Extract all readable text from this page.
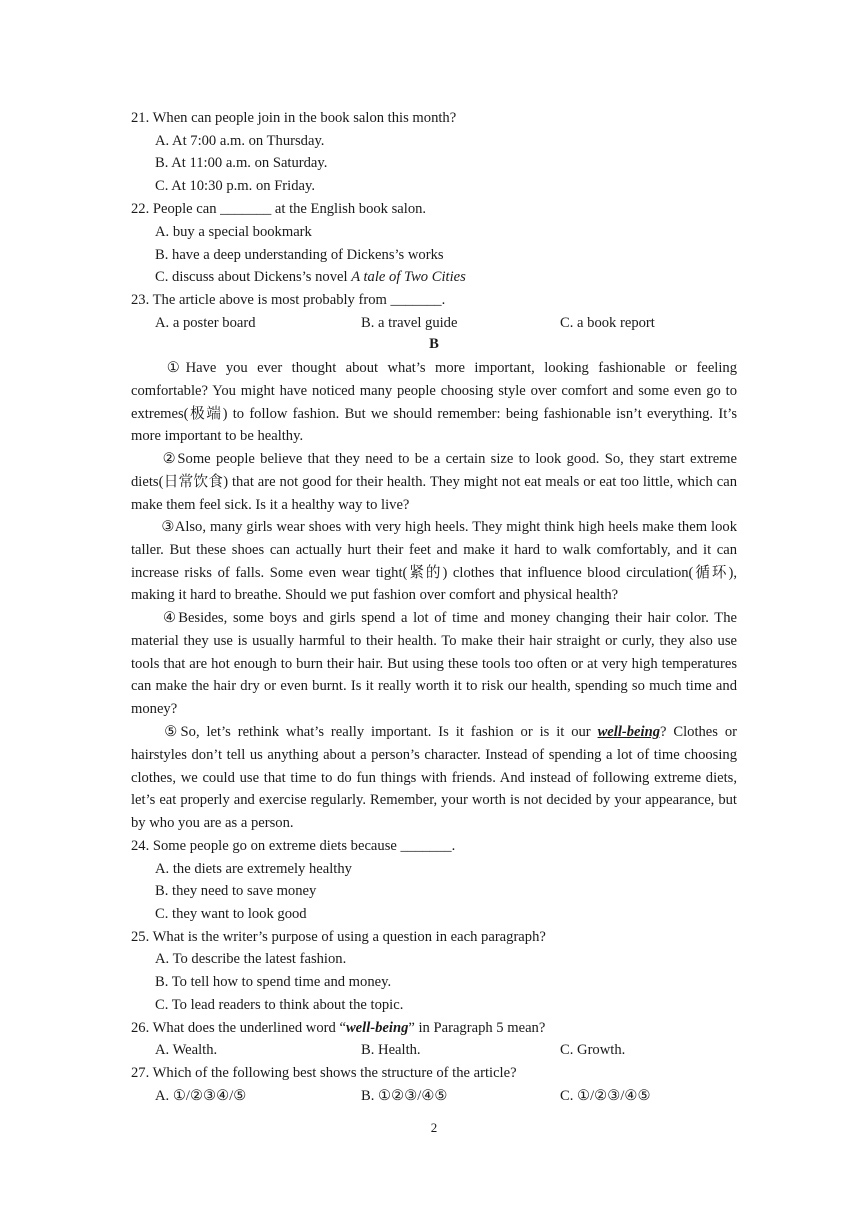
21. When can people join in the book salon this month?
A. At 7:00 a.m. on Thursday.
B. At 11:00 a.m. on Saturday.
C. At 10:30 p.m. on Friday.
22. People can _______ at the English book salon.
A. buy a special bookmark
B. have a deep understanding of Dickens’s works
C. discuss about Dickens’s novel A tale of Two Cities
23. The article above is most probably from _______.
A. a poster board	B. a travel guide	C. a book report
B
①Have you ever thought about what’s more important, looking fashionable or feeling comfortable? You might have noticed many people choosing style over comfort and some even go to extremes(极端) to follow fashion. But we should remember: being fashionable isn’t everything. It’s more important to be healthy.
②Some people believe that they need to be a certain size to look good. So, they start extreme diets(日常饮食) that are not good for their health. They might not eat meals or eat too little, which can make them feel sick. Is it a healthy way to live?
③Also, many girls wear shoes with very high heels. They might think high heels make them look taller. But these shoes can actually hurt their feet and make it hard to walk comfortably, and it can increase risks of falls. Some even wear tight(紧的) clothes that influence blood circulation(循环), making it hard to breathe. Should we put fashion over comfort and physical health?
④Besides, some boys and girls spend a lot of time and money changing their hair color. The material they use is usually harmful to their health. To make their hair straight or curly, they also use tools that are hot enough to burn their hair. But using these tools too often or at very high temperatures can make the hair dry or even burnt. Is it really worth it to risk our health, spending so much time and money?
⑤So, let’s rethink what’s really important. Is it fashion or is it our well-being? Clothes or hairstyles don’t tell us anything about a person’s character. Instead of spending a lot of time choosing clothes, we could use that time to do fun things with friends. And instead of following extreme diets, let’s eat properly and exercise regularly. Remember, your worth is not decided by your appearance, but by who you are as a person.
24. Some people go on extreme diets because _______.
A. the diets are extremely healthy
B. they need to save money
C. they want to look good
25. What is the writer’s purpose of using a question in each paragraph?
A. To describe the latest fashion.
B. To tell how to spend time and money.
C. To lead readers to think about the topic.
26. What does the underlined word “well-being” in Paragraph 5 mean?
A. Wealth.	B. Health.	C. Growth.
27. Which of the following best shows the structure of the article?
A. ①/②③④/⑤	B. ①②③/④⑤	C. ①/②③/④⑤
2
